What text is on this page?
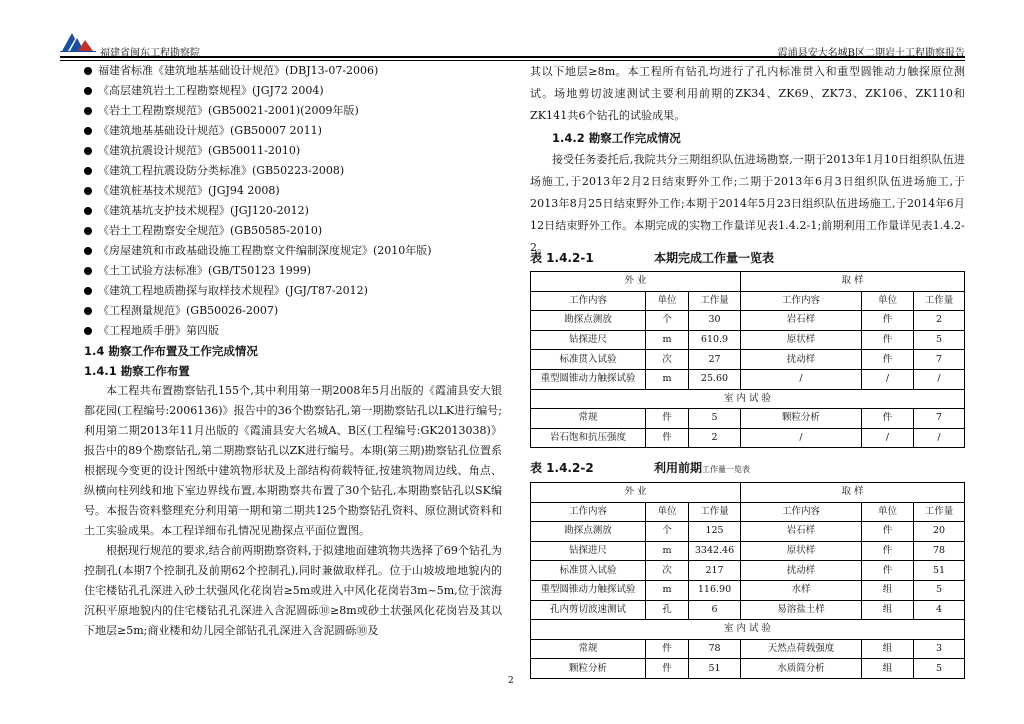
福建省闽东工程勘察院	霞浦县安大名城B区二期岩土工程勘察报告
福建省标准《建筑地基基础设计规范》(DBJ13-07-2006)
《高层建筑岩土工程勘察规程》(JGJ72 2004)
《岩土工程勘察规范》(GB50021-2001)(2009年版)
《建筑地基基础设计规范》(GB50007 2011)
《建筑抗震设计规范》(GB50011-2010)
《建筑工程抗震设防分类标准》(GB50223-2008)
《建筑桩基技术规范》(JGJ94 2008)
《建筑基坑支护技术规程》(JGJ120-2012)
《岩土工程勘察安全规范》(GB50585-2010)
《房屋建筑和市政基础设施工程勘察文件编制深度规定》(2010年版)
《土工试验方法标准》(GB/T50123 1999)
《建筑工程地质勘探与取样技术规程》(JGJ/T87-2012)
《工程测量规范》(GB50026-2007)
《工程地质手册》第四版
1.4 勘察工作布置及工作完成情况
1.4.1 勘察工作布置

本工程共布置勘察钻孔155个,其中利用第一期2008年5月出版的《霞浦县安大银都花园(工程编号:2006136)》报告中的36个勘察钻孔,第一期勘察钻孔以LK进行编号;利用第二期2013年11月出版的《霞浦县安大名城A、B区(工程编号:GK2013038)》报告中的89个勘察钻孔,第二期勘察钻孔以ZK进行编号。本期(第三期)勘察钻孔位置系根据现今变更的设计图纸中建筑物形状及上部结构荷载特征,按建筑物周边线、角点、纵横向柱列线和地下室边界线布置,本期勘察共布置了30个钻孔,本期勘察钻孔以SK编号。本报告资料整理充分利用第一期和第二期共125个勘察钻孔资料、原位测试资料和土工实验成果。本工程详细布孔情况见勘探点平面位置图。

根据现行规范的要求,结合前两期勘察资料,于拟建地面建筑物共选择了69个钻孔为控制孔(本期7个控制孔及前期62个控制孔),同时兼做取样孔。位于山坡坡地地貌内的住宅楼钻孔孔深进入砂土状强风化花岗岩≥5m或进入中风化花岗岩3m~5m,位于滨海沉积平原地貌内的住宅楼钻孔孔深进入含泥圆砾⑩≥8m或砂土状强风化花岗岩及其以下地层≥5m;商业楼和幼儿园全部钻孔孔深进入含泥圆砾⑩及

其以下地层≥8m。本工程所有钻孔均进行了孔内标准贯入和重型圆锥动力触探原位测试。场地剪切波速测试主要利用前期的ZK34、ZK69、ZK73、ZK106、ZK110和ZK141共6个钻孔的试验成果。

1.4.2 勘察工作完成情况

接受任务委托后,我院共分三期组织队伍进场勘察,一期于2013年1月10日组织队伍进场施工,于2013年2月2日结束野外工作;二期于2013年6月3日组织队伍进场施工,于2013年8月25日结束野外工作;本期于2014年5月23日组织队伍进场施工,于2014年6月12日结束野外工作。本期完成的实物工作量详见表1.4.2-1;前期利用工作量详见表1.4.2-2。

表 1.4.2-1	本期完成工作量一览表
外 业			取 样		
工作内容	单位	工作量	工作内容	单位	工作量
勘探点测放	个	30	岩石样	件	2
钻探进尺	m	610.9	原状样	件	5
标准贯入试验	次	27	扰动样	件	7
重型圆锥动力触探试验	m	25.60	/	/	/
室 内 试 验					
常规	件	5	颗粒分析	件	7
岩石饱和抗压强度	件	2	/	/	/
表 1.4.2-2	利用前期工作量一览表
外 业			取 样		
工作内容	单位	工作量	工作内容	单位	工作量
勘探点测放	个	125	岩石样	件	20
钻探进尺	m	3342.46	原状样	件	78
标准贯入试验	次	217	扰动样	件	51
重型圆锥动力触探试验	m	116.90	水样	组	5
孔内剪切波速测试	孔	6	易溶盐土样	组	4
室 内 试 验					
常规	件	78	天然点荷载强度	组	3
颗粒分析	件	51	水质简分析	组	5
2
